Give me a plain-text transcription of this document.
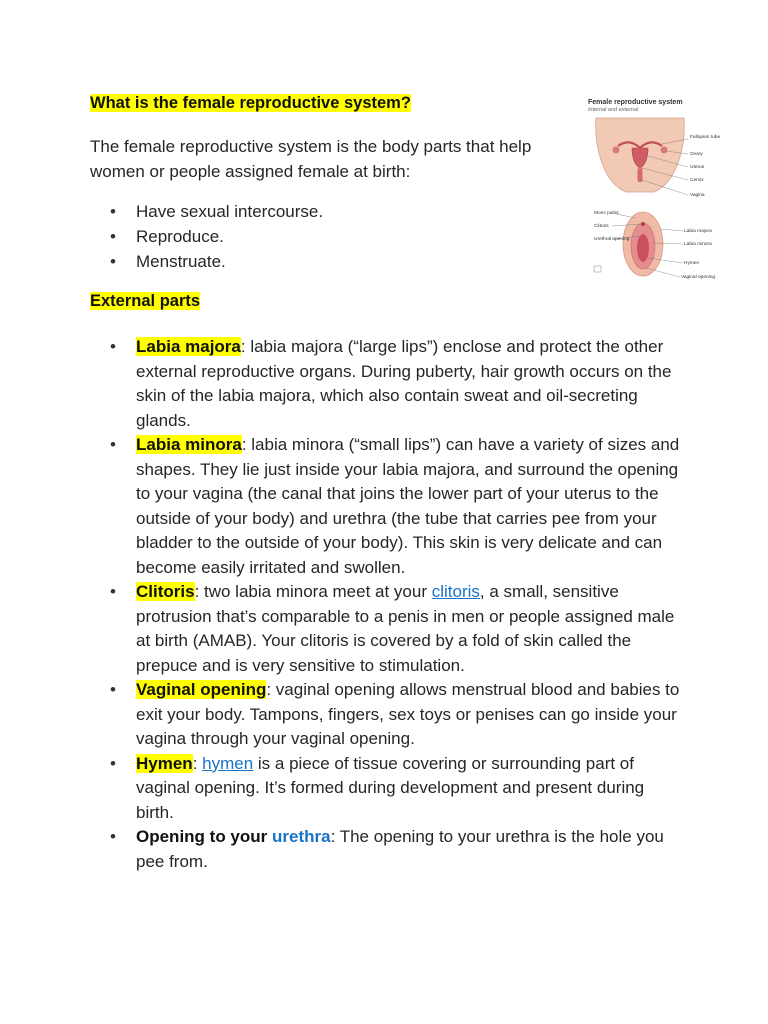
What is the female reproductive system?

The female reproductive system is the body parts that help women or people assigned female at birth:

• Have sexual intercourse.
• Reproduce.
• Menstruate.

External parts

• Labia majora: labia majora (“large lips”) enclose and protect the other external reproductive organs. During puberty, hair growth occurs on the skin of the labia majora, which also contain sweat and oil-secreting glands.
• Labia minora: labia minora (“small lips”) can have a variety of sizes and shapes. They lie just inside your labia majora, and surround the opening to your vagina (the canal that joins the lower part of your uterus to the outside of your body) and urethra (the tube that carries pee from your bladder to the outside of your body). This skin is very delicate and can become easily irritated and swollen.
• Clitoris: two labia minora meet at your clitoris, a small, sensitive protrusion that’s comparable to a penis in men or people assigned male at birth (AMAB). Your clitoris is covered by a fold of skin called the prepuce and is very sensitive to stimulation.
• Vaginal opening: vaginal opening allows menstrual blood and babies to exit your body. Tampons, fingers, sex toys or penises can go inside your vagina through your vaginal opening.
• Hymen: hymen is a piece of tissue covering or surrounding part of vaginal opening. It’s formed during development and present during birth.
• Opening to your urethra: The opening to your urethra is the hole you pee from.
Female reproductive system
Internal and external
Fallopian tube
Ovary
Uterus
Cervix
Vagina
Mons pubis
Clitoris
Urethral opening
Labia majora
Labia minora
Hymen
Vaginal opening
